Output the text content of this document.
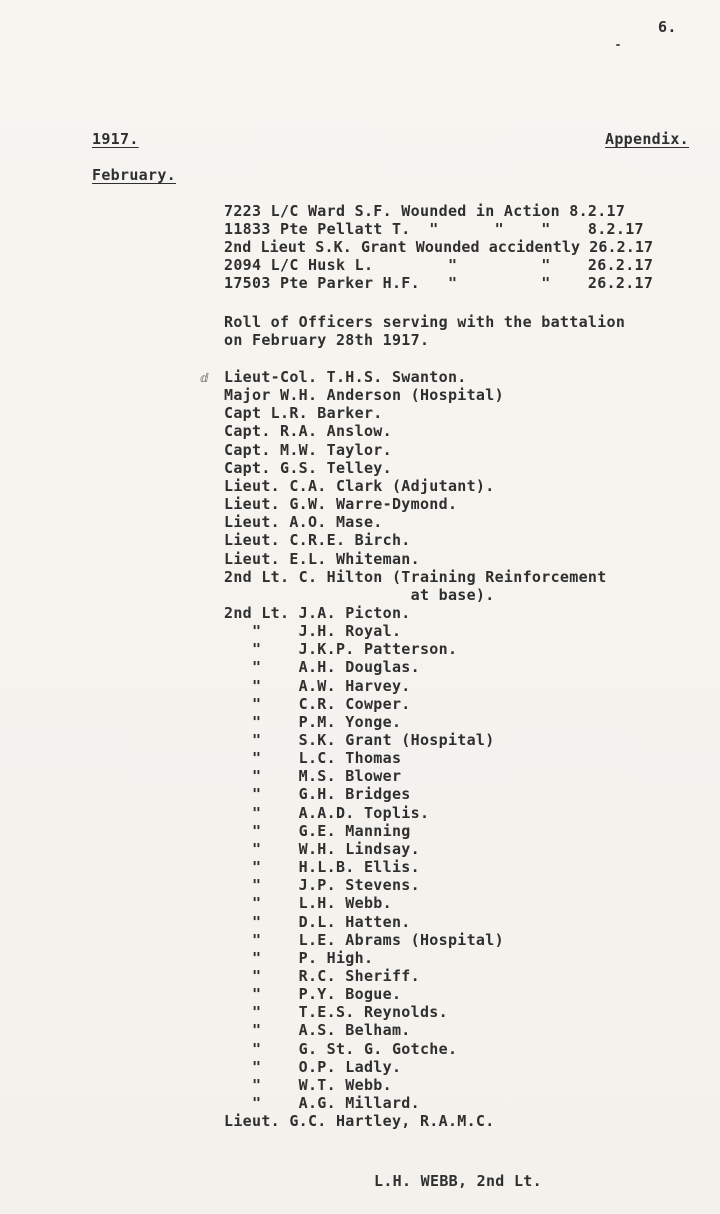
6.
1917.	Appendix.
February.
7223 L/C Ward S.F. Wounded in Action 8.2.17
11833 Pte Pellatt T.  "      "    "    8.2.17
2nd Lieut S.K. Grant Wounded accidently 26.2.17
2094 L/C Husk L.        "         "    26.2.17
17503 Pte Parker H.F.   "         "    26.2.17
Roll of Officers serving with the battalion
on February 28th 1917.
ⅆ Lieut-Col. T.H.S. Swanton.
Major W.H. Anderson (Hospital)
Capt L.R. Barker.
Capt. R.A. Anslow.
Capt. M.W. Taylor.
Capt. G.S. Telley.
Lieut. C.A. Clark (Adjutant).
Lieut. G.W. Warre-Dymond.
Lieut. A.O. Mase.
Lieut. C.R.E. Birch.
Lieut. E.L. Whiteman.
2nd Lt. C. Hilton (Training Reinforcement
at base).
2nd Lt. J.A. Picton.
"    J.H. Royal.
"    J.K.P. Patterson.
"    A.H. Douglas.
"    A.W. Harvey.
"    C.R. Cowper.
"    P.M. Yonge.
"    S.K. Grant (Hospital)
"    L.C. Thomas
"    M.S. Blower
"    G.H. Bridges
"    A.A.D. Toplis.
"    G.E. Manning
"    W.H. Lindsay.
"    H.L.B. Ellis.
"    J.P. Stevens.
"    L.H. Webb.
"    D.L. Hatten.
"    L.E. Abrams (Hospital)
"    P. High.
"    R.C. Sheriff.
"    P.Y. Bogue.
"    T.E.S. Reynolds.
"    A.S. Belham.
"    G. St. G. Gotche.
"    O.P. Ladly.
"    W.T. Webb.
"    A.G. Millard.
Lieut. G.C. Hartley, R.A.M.C.
L.H. WEBB, 2nd Lt.
